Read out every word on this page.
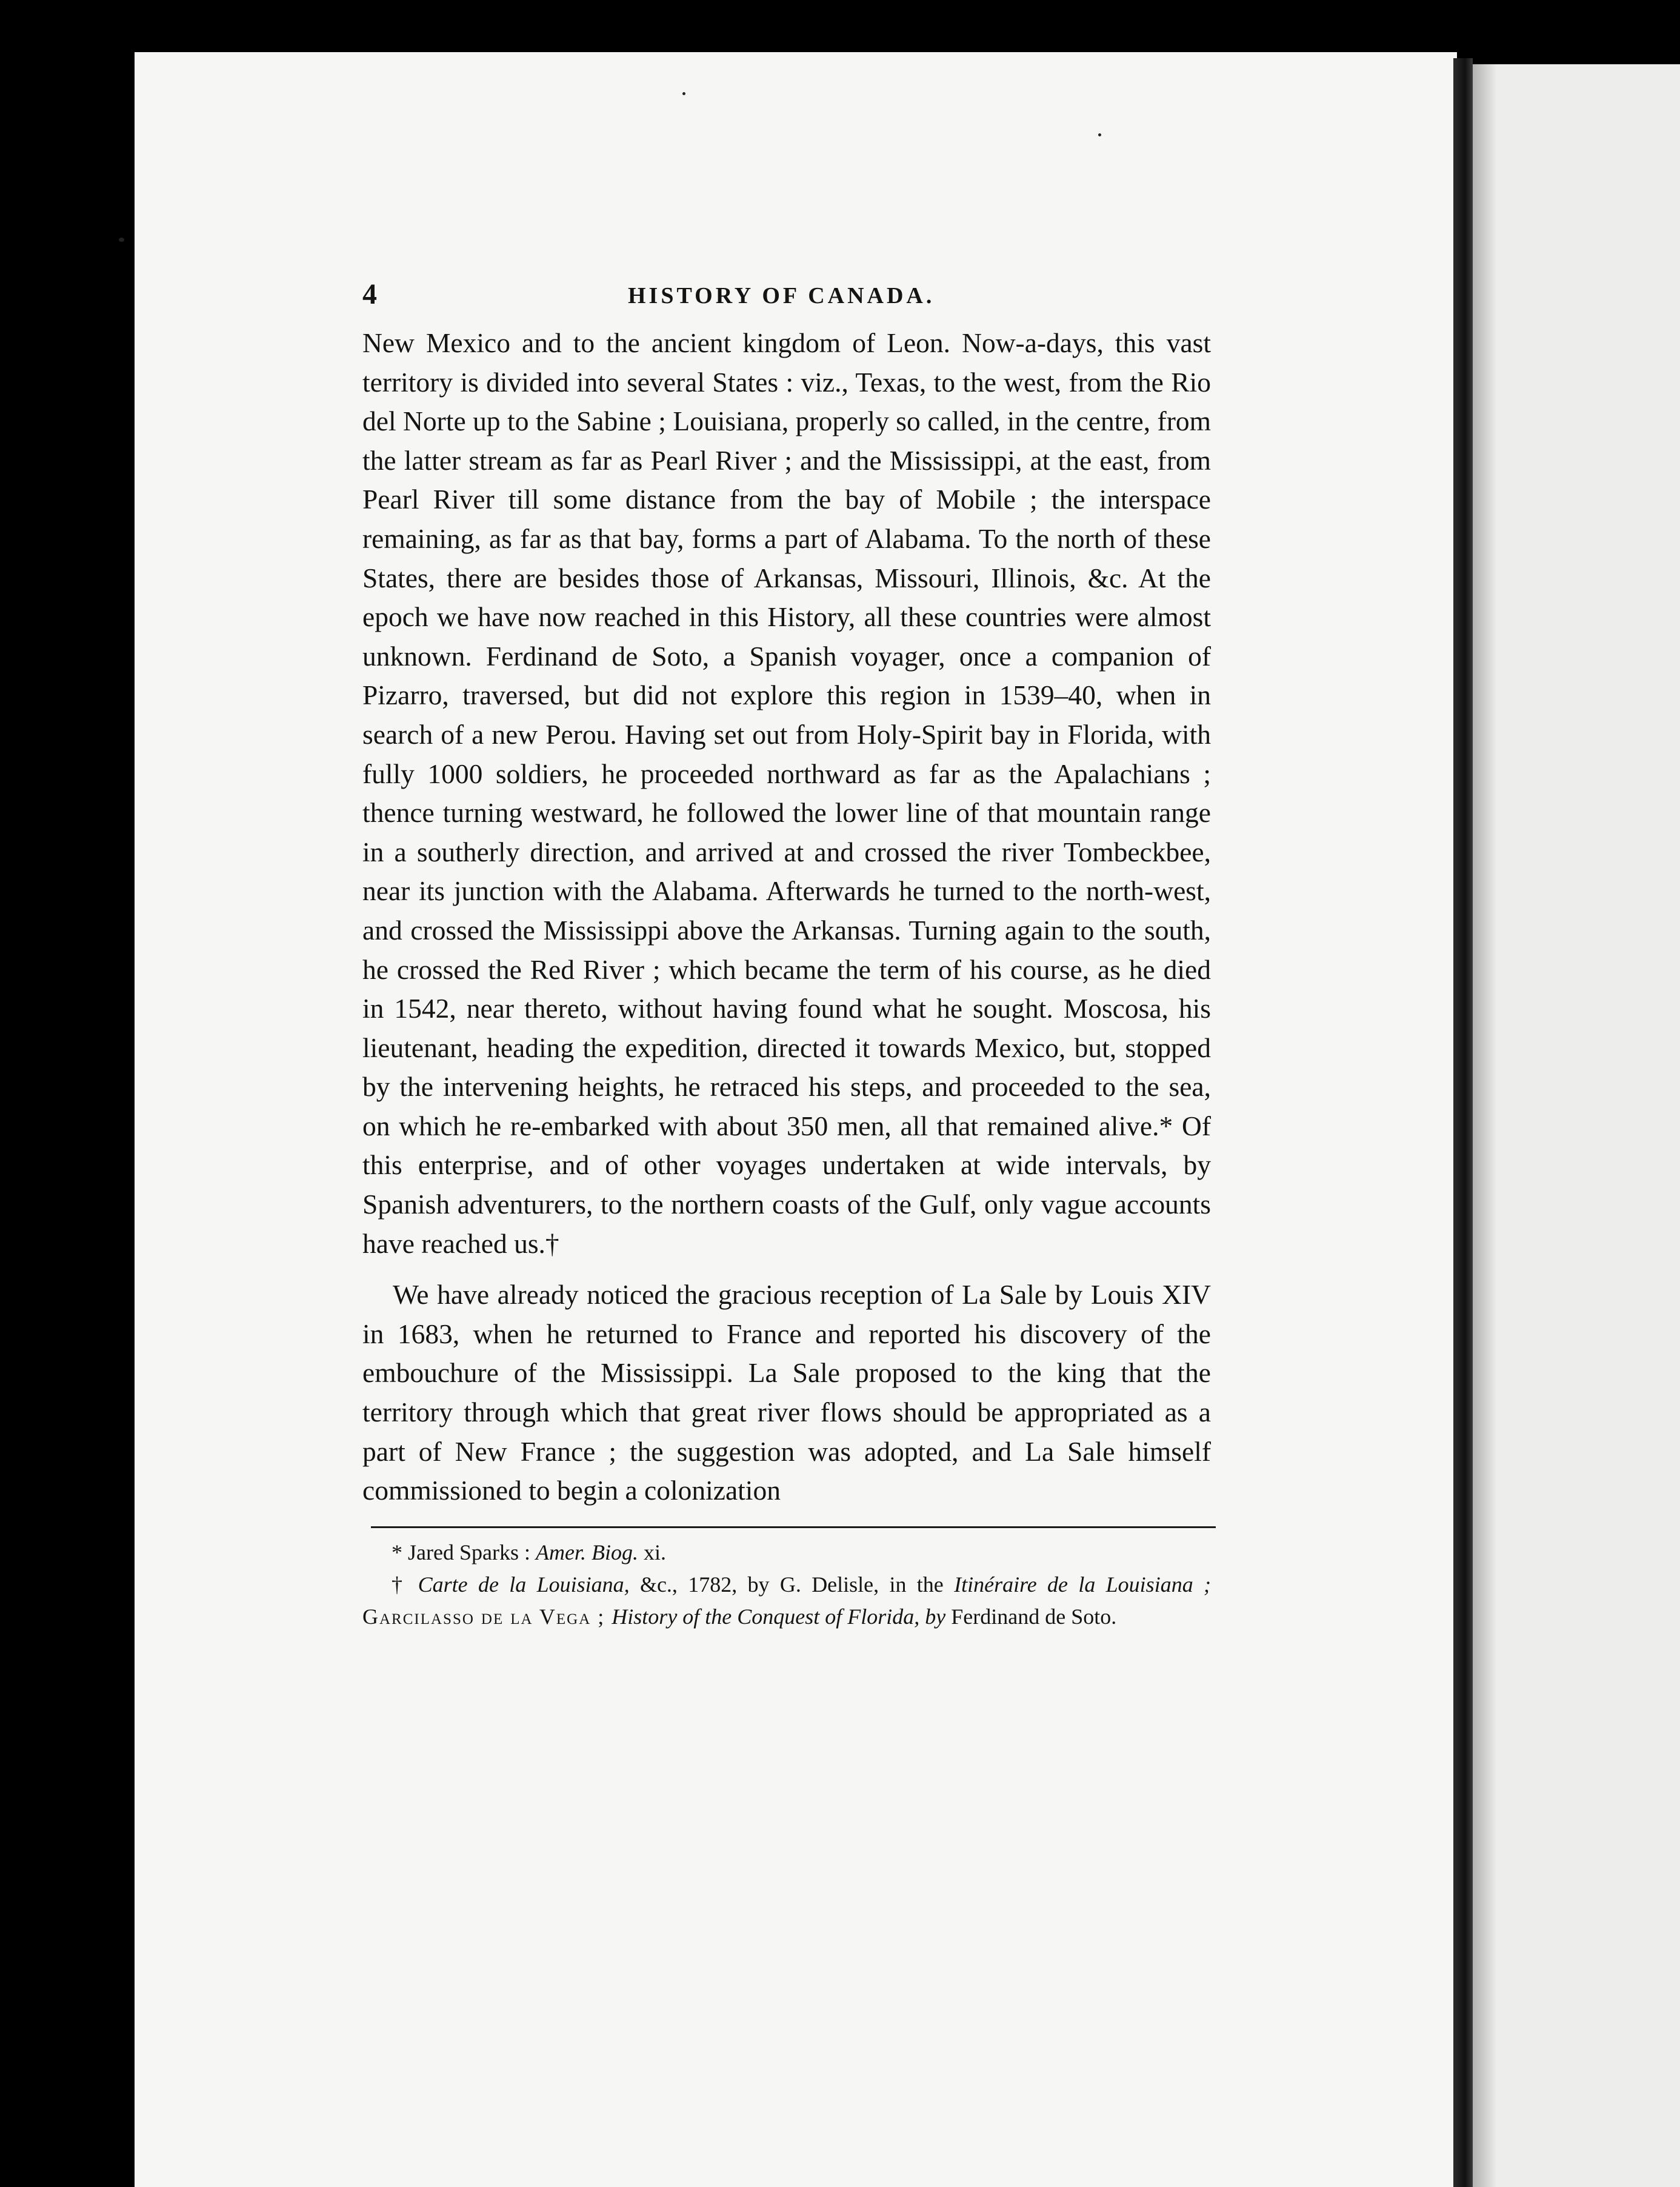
4	HISTORY OF CANADA.

New Mexico and to the ancient kingdom of Leon. Now-a-days, this vast territory is divided into several States : viz., Texas, to the west, from the Rio del Norte up to the Sabine ; Louisiana, properly so called, in the centre, from the latter stream as far as Pearl River ; and the Mississippi, at the east, from Pearl River till some distance from the bay of Mobile ; the interspace remaining, as far as that bay, forms a part of Alabama. To the north of these States, there are besides those of Arkansas, Missouri, Illinois, &c. At the epoch we have now reached in this History, all these countries were almost unknown. Ferdinand de Soto, a Spanish voyager, once a companion of Pizarro, traversed, but did not explore this region in 1539–40, when in search of a new Perou. Having set out from Holy-Spirit bay in Florida, with fully 1000 soldiers, he proceeded northward as far as the Apalachians ; thence turning westward, he followed the lower line of that mountain range in a southerly direction, and arrived at and crossed the river Tombeckbee, near its junction with the Alabama. Afterwards he turned to the north-west, and crossed the Mississippi above the Arkansas. Turning again to the south, he crossed the Red River ; which became the term of his course, as he died in 1542, near thereto, without having found what he sought. Moscosa, his lieutenant, heading the expedition, directed it towards Mexico, but, stopped by the intervening heights, he retraced his steps, and proceeded to the sea, on which he re-embarked with about 350 men, all that remained alive.* Of this enterprise, and of other voyages undertaken at wide intervals, by Spanish adventurers, to the northern coasts of the Gulf, only vague accounts have reached us.†

We have already noticed the gracious reception of La Sale by Louis XIV in 1683, when he returned to France and reported his discovery of the embouchure of the Mississippi. La Sale proposed to the king that the territory through which that great river flows should be appropriated as a part of New France ; the suggestion was adopted, and La Sale himself commissioned to begin a colonization

* Jared Sparks : Amer. Biog. xi.

† Carte de la Louisiana, &c., 1782, by G. Delisle, in the Itinéraire de la Louisiana ; Garcilasso de la Vega ; History of the Conquest of Florida, by Ferdinand de Soto.
